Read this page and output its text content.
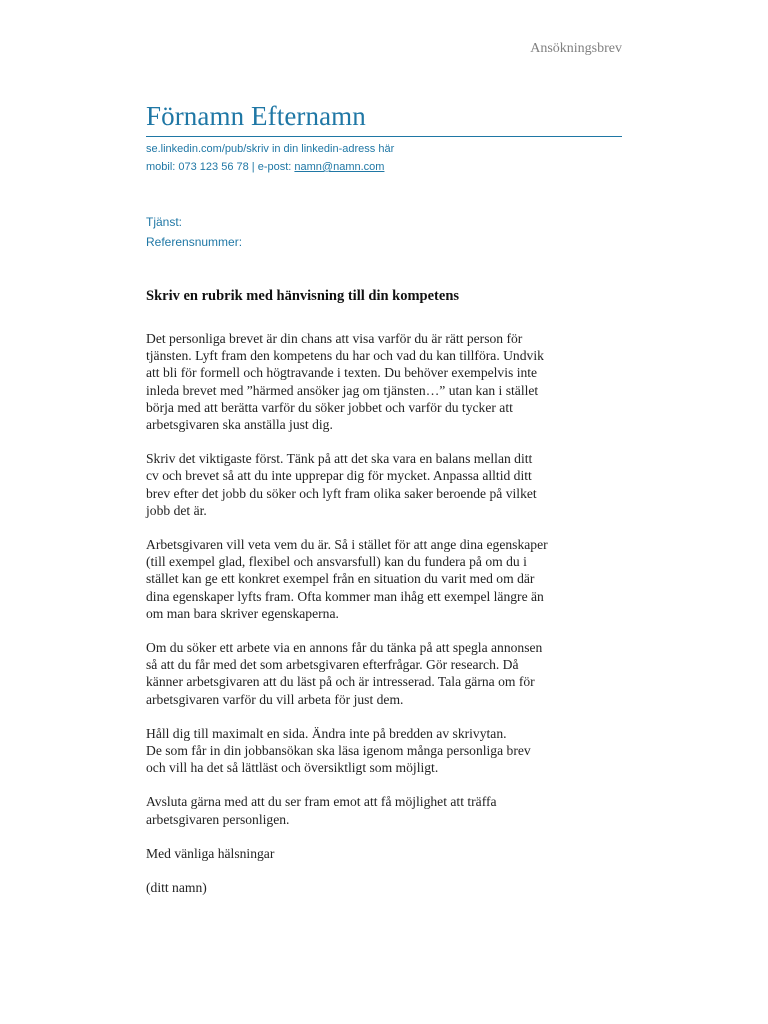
Ansökningsbrev
Förnamn Efternamn
se.linkedin.com/pub/skriv in din linkedin-adress här
mobil: 073 123 56 78 | e-post: namn@namn.com
Tjänst:
Referensnummer:
Skriv en rubrik med hänvisning till din kompetens

Det personliga brevet är din chans att visa varför du är rätt person för
tjänsten. Lyft fram den kompetens du har och vad du kan tillföra. Undvik
att bli för formell och högtravande i texten. Du behöver exempelvis inte
inleda brevet med ”härmed ansöker jag om tjänsten…” utan kan i stället
börja med att berätta varför du söker jobbet och varför du tycker att
arbetsgivaren ska anställa just dig.

Skriv det viktigaste först. Tänk på att det ska vara en balans mellan ditt
cv och brevet så att du inte upprepar dig för mycket. Anpassa alltid ditt
brev efter det jobb du söker och lyft fram olika saker beroende på vilket
jobb det är.

Arbetsgivaren vill veta vem du är. Så i stället för att ange dina egenskaper
(till exempel glad, flexibel och ansvarsfull) kan du fundera på om du i
stället kan ge ett konkret exempel från en situation du varit med om där
dina egenskaper lyfts fram. Ofta kommer man ihåg ett exempel längre än
om man bara skriver egenskaperna.

Om du söker ett arbete via en annons får du tänka på att spegla annonsen
så att du får med det som arbetsgivaren efterfrågar. Gör research. Då
känner arbetsgivaren att du läst på och är intresserad. Tala gärna om för
arbetsgivaren varför du vill arbeta för just dem.

Håll dig till maximalt en sida. Ändra inte på bredden av skrivytan.
De som får in din jobbansökan ska läsa igenom många personliga brev
och vill ha det så lättläst och översiktligt som möjligt.

Avsluta gärna med att du ser fram emot att få möjlighet att träffa
arbetsgivaren personligen.

Med vänliga hälsningar

(ditt namn)
